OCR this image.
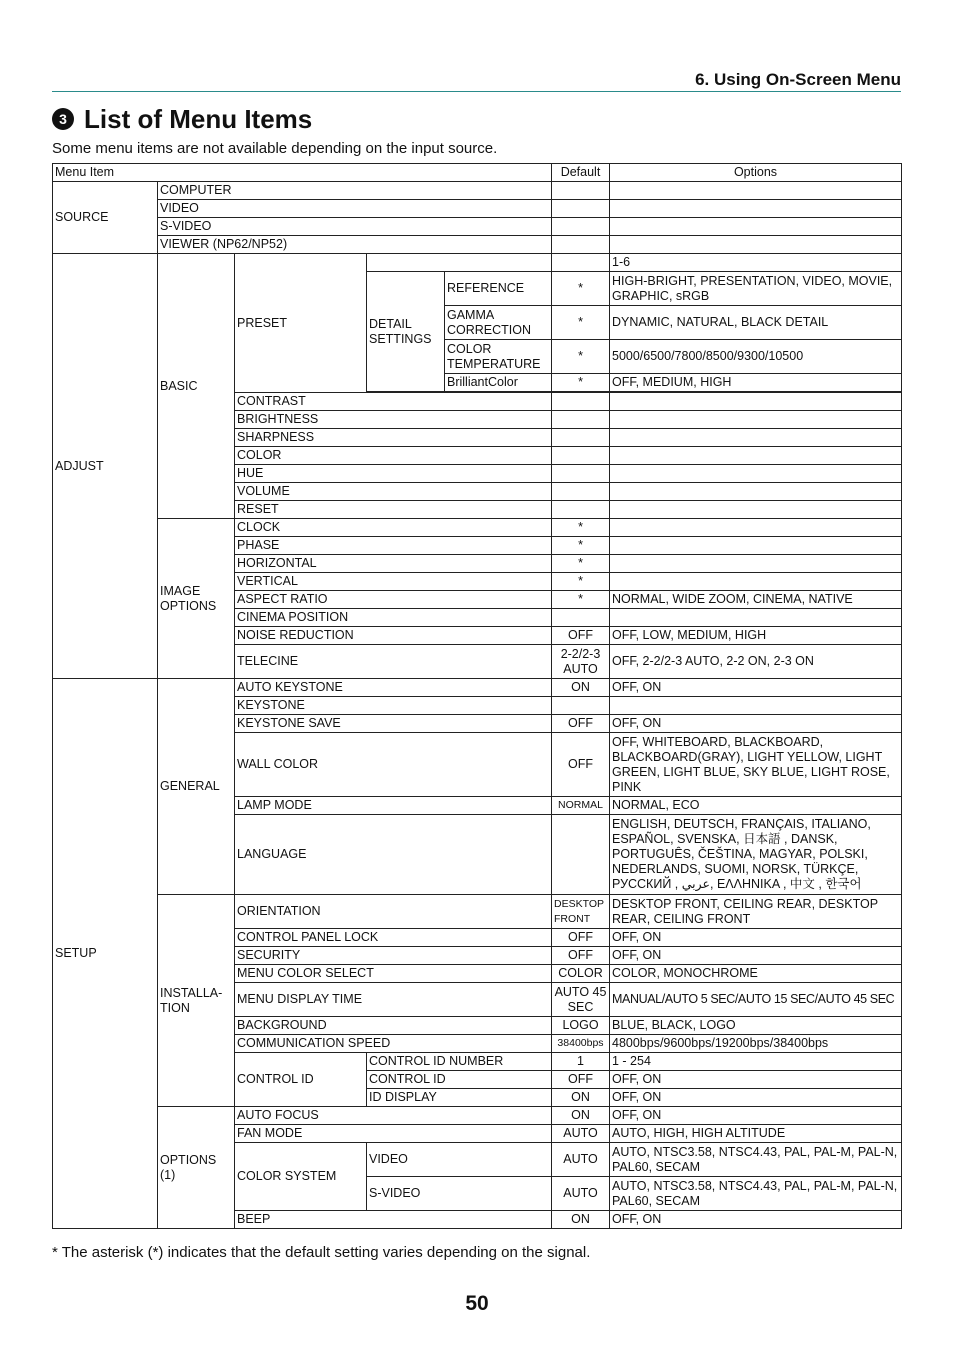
6. Using On-Screen Menu
3 List of Menu Items
Some menu items are not available depending on the input source.
Menu Item					Default	Options
SOURCE	COMPUTER					
	VIDEO					
	S-VIDEO					
	VIEWER (NP62/NP52)					
ADJUST	BASIC	PRESET				1-6
			DETAIL SETTINGS	REFERENCE	*	HIGH-BRIGHT, PRESENTATION, VIDEO, MOVIE, GRAPHIC, sRGB
				GAMMA CORRECTION	*	DYNAMIC, NATURAL, BLACK DETAIL
				COLOR TEMPERATURE	*	5000/6500/7800/8500/9300/10500
				BrilliantColor	*	OFF, MEDIUM, HIGH

		CONTRAST				
		BRIGHTNESS				
		SHARPNESS				
		COLOR				
		HUE				
		VOLUME				
		RESET				
	IMAGE OPTIONS	CLOCK			*	
		PHASE			*	
		HORIZONTAL			*	
		VERTICAL			*	
		ASPECT RATIO			*	NORMAL, WIDE ZOOM, CINEMA, NATIVE
		CINEMA POSITION				
		NOISE REDUCTION			OFF	OFF, LOW, MEDIUM, HIGH
		TELECINE			2-2/2-3 AUTO	OFF, 2-2/2-3 AUTO, 2-2 ON, 2-3 ON
SETUP	GENERAL	AUTO KEYSTONE			ON	OFF, ON
		KEYSTONE				
		KEYSTONE SAVE			OFF	OFF, ON
		WALL COLOR			OFF	OFF, WHITEBOARD, BLACKBOARD, BLACKBOARD(GRAY), LIGHT YELLOW, LIGHT GREEN, LIGHT BLUE, SKY BLUE, LIGHT ROSE, PINK
		LAMP MODE			NORMAL	NORMAL, ECO
		LANGUAGE				ENGLISH, DEUTSCH, FRANÇAIS, ITALIANO, ESPAÑOL, SVENSKA, 日本語 , DANSK, PORTUGUÊS, ČEŠTINA, MAGYAR, POLSKI, NEDERLANDS, SUOMI, NORSK, TÜRKÇE, РУССКИЙ , عربي, ΕΛΛΗΝΙΚΑ , 中文 , 한국어
	INSTALLA-TION	ORIENTATION			DESKTOP FRONT	DESKTOP FRONT, CEILING REAR, DESKTOP REAR, CEILING FRONT
		CONTROL PANEL LOCK			OFF	OFF, ON
		SECURITY			OFF	OFF, ON
		MENU COLOR SELECT			COLOR	COLOR, MONOCHROME
		MENU DISPLAY TIME			AUTO 45 SEC	MANUAL/AUTO 5 SEC/AUTO 15 SEC/AUTO 45 SEC
		BACKGROUND			LOGO	BLUE, BLACK, LOGO
		COMMUNICATION SPEED			38400bps	4800bps/9600bps/19200bps/38400bps
		CONTROL ID	CONTROL ID NUMBER		1	1 - 254
			CONTROL ID		OFF	OFF, ON
			ID DISPLAY		ON	OFF, ON
	OPTIONS (1)	AUTO FOCUS			ON	OFF, ON
		FAN MODE			AUTO	AUTO, HIGH, HIGH ALTITUDE
		COLOR SYSTEM	VIDEO		AUTO	AUTO, NTSC3.58, NTSC4.43, PAL, PAL-M, PAL-N, PAL60, SECAM
			S-VIDEO		AUTO	AUTO, NTSC3.58, NTSC4.43, PAL, PAL-M, PAL-N, PAL60, SECAM
		BEEP			ON	OFF, ON
* The asterisk (*) indicates that the default setting varies depending on the signal.
50
